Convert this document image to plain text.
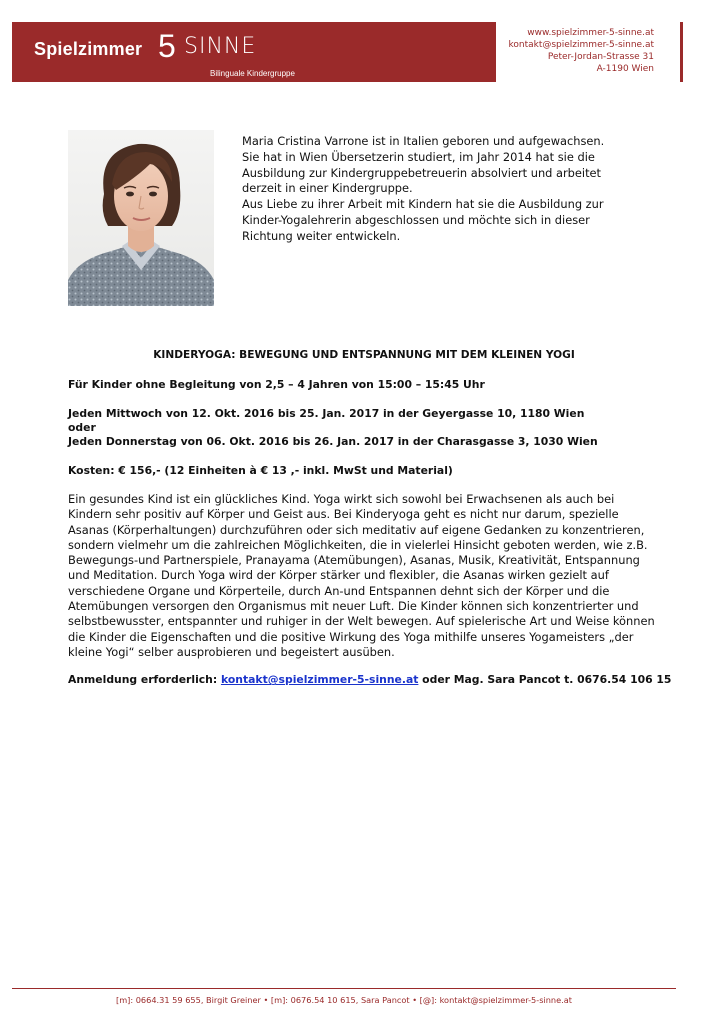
Spielzimmer 5 SINNE
Bilinguale Kindergruppe
www.spielzimmer-5-sinne.at
kontakt@spielzimmer-5-sinne.at
Peter-Jordan-Strasse 31
A-1190 Wien

Maria Cristina Varrone ist in Italien geboren und aufgewachsen. Sie hat in Wien Übersetzerin studiert, im Jahr 2014 hat sie die Ausbildung zur Kindergruppebetreuerin absolviert und arbeitet derzeit in einer Kindergruppe.

Aus Liebe zu ihrer Arbeit mit Kindern hat sie die Ausbildung zur Kinder-Yogalehrerin abgeschlossen und möchte sich in dieser Richtung weiter entwickeln.

KINDERYOGA: BEWEGUNG UND ENTSPANNUNG MIT DEM KLEINEN YOGI
Für Kinder ohne Begleitung von 2,5 – 4 Jahren von 15:00 – 15:45 Uhr
Jeden Mittwoch von 12. Okt. 2016 bis 25. Jan. 2017 in der Geyergasse 10, 1180 Wien
oder
Jeden Donnerstag von 06. Okt. 2016 bis 26. Jan. 2017 in der Charasgasse 3, 1030 Wien
Kosten: € 156,- (12 Einheiten à € 13 ,- inkl. MwSt und Material)

Ein gesundes Kind ist ein glückliches Kind. Yoga wirkt sich sowohl bei Erwachsenen als auch bei Kindern sehr positiv auf Körper und Geist aus. Bei Kinderyoga geht es nicht nur darum, spezielle Asanas (Körperhaltungen) durchzuführen oder sich meditativ auf eigene Gedanken zu konzentrieren, sondern vielmehr um die zahlreichen Möglichkeiten, die in vielerlei Hinsicht geboten werden, wie z.B. Bewegungs-und Partnerspiele, Pranayama (Atemübungen), Asanas, Musik, Kreativität, Entspannung und Meditation. Durch Yoga wird der Körper stärker und flexibler, die Asanas wirken gezielt auf verschiedene Organe und Körperteile, durch An-und Entspannen dehnt sich der Körper und die Atemübungen versorgen den Organismus mit neuer Luft. Die Kinder können sich konzentrierter und selbstbewusster, entspannter und ruhiger in der Welt bewegen. Auf spielerische Art und Weise können die Kinder die Eigenschaften und die positive Wirkung des Yoga mithilfe unseres Yogameisters „der kleine Yogi“ selber ausprobieren und begeistert ausüben.

Anmeldung erforderlich: kontakt@spielzimmer-5-sinne.at oder Mag. Sara Pancot t. 0676.54 106 15
[m]: 0664.31 59 655, Birgit Greiner • [m]: 0676.54 10 615, Sara Pancot • [@]: kontakt@spielzimmer-5-sinne.at
